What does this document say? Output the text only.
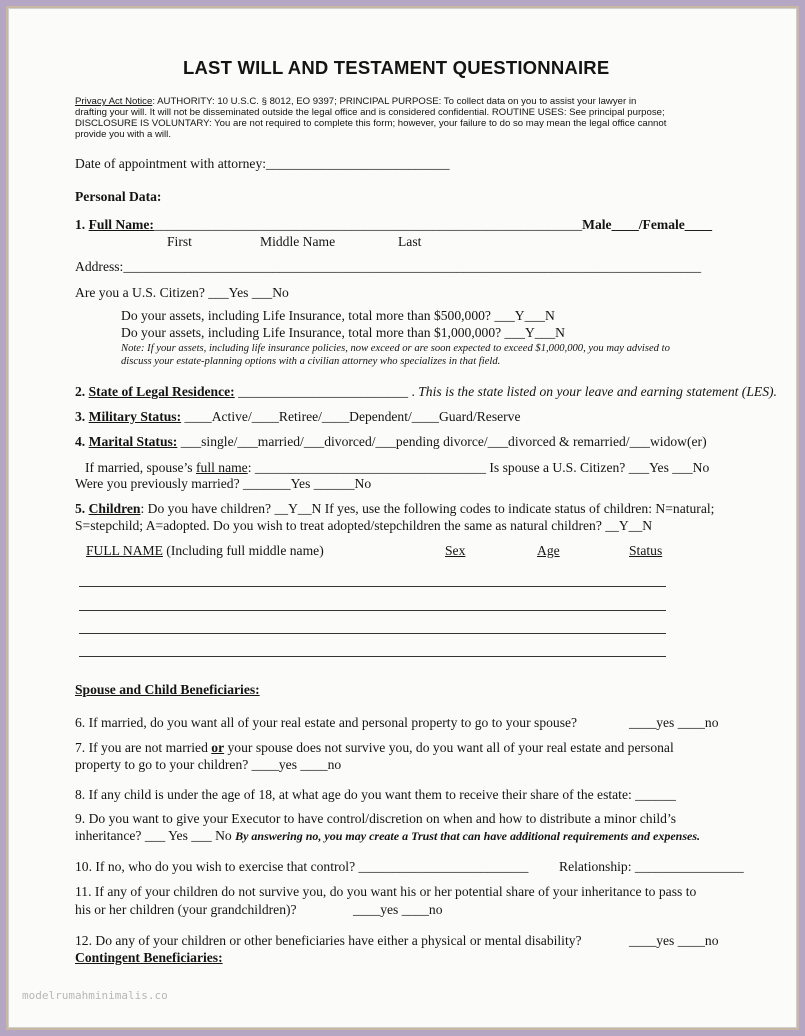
LAST WILL AND TESTAMENT QUESTIONNAIRE
Privacy Act Notice: AUTHORITY: 10 U.S.C. § 8012, EO 9397; PRINCIPAL PURPOSE: To collect data on you to assist your lawyer in
drafting your will. It will not be disseminated outside the legal office and is considered confidential. ROUTINE USES: See principal purpose;
DISCLOSURE IS VOLUNTARY: You are not required to complete this form; however, your failure to do so may mean the legal office cannot
provide you with a will.
Date of appointment with attorney:___________________________
Personal Data:
1. Full Name:_______________________________________________________________Male____/Female____
First	Middle Name	Last
Address:_____________________________________________________________________________________
Are you a U.S. Citizen? ___Yes ___No
Do your assets, including Life Insurance, total more than $500,000? ___Y___N
Do your assets, including Life Insurance, total more than $1,000,000? ___Y___N
Note: If your assets, including life insurance policies, now exceed or are soon expected to exceed $1,000,000, you may advised to
discuss your estate-planning options with a civilian attorney who specializes in that field.
2. State of Legal Residence: _________________________ . This is the state listed on your leave and earning statement (LES).
3. Military Status: ____Active/____Retiree/____Dependent/____Guard/Reserve
4. Marital Status: ___single/___married/___divorced/___pending divorce/___divorced & remarried/___widow(er)
If married, spouse’s full name: __________________________________ Is spouse a U.S. Citizen? ___Yes ___No
Were you previously married? _______Yes ______No
5. Children: Do you have children? __Y__N If yes, use the following codes to indicate status of children: N=natural;
S=stepchild; A=adopted. Do you wish to treat adopted/stepchildren the same as natural children? __Y__N
FULL NAME (Including full middle name)	Sex	Age	Status
Spouse and Child Beneficiaries:
6. If married, do you want all of your real estate and personal property to go to your spouse?	____yes ____no
7. If you are not married or your spouse does not survive you, do you want all of your real estate and personal
property to go to your children? ____yes ____no
8. If any child is under the age of 18, at what age do you want them to receive their share of the estate: ______
9. Do you want to give your Executor to have control/discretion on when and how to distribute a minor child’s
inheritance? ___ Yes ___ No By answering no, you may create a Trust that can have additional requirements and expenses.
10. If no, who do you wish to exercise that control? _________________________ Relationship: ________________
11. If any of your children do not survive you, do you want his or her potential share of your inheritance to pass to
his or her children (your grandchildren)?	____yes ____no
12. Do any of your children or other beneficiaries have either a physical or mental disability?	____yes ____no
Contingent Beneficiaries:
modelrumahminimalis.co
